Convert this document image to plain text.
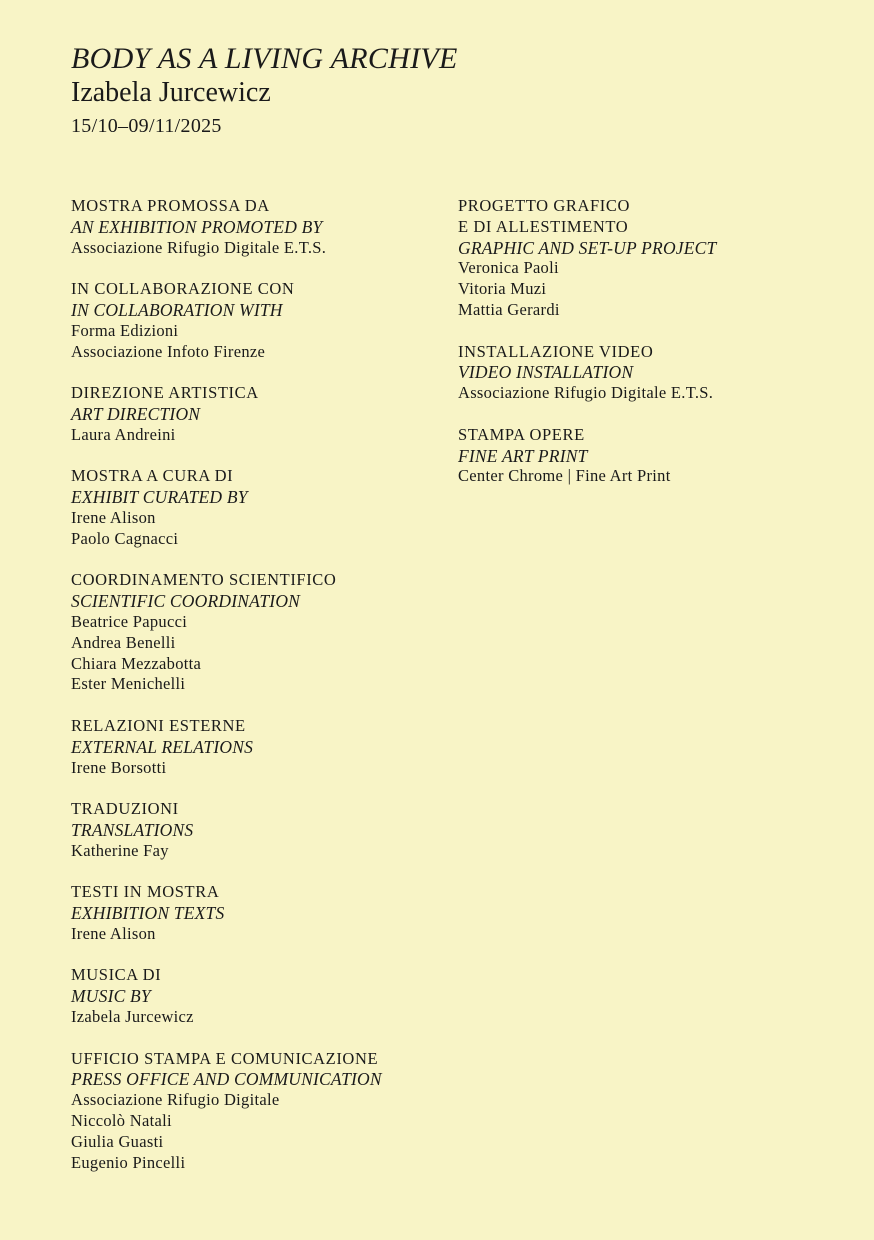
BODY AS A LIVING ARCHIVE
Izabela Jurcewicz

15/10–09/11/2025

MOSTRA PROMOSSA DA
AN EXHIBITION PROMOTED BY
Associazione Rifugio Digitale E.T.S.
IN COLLABORAZIONE CON
IN COLLABORATION WITH
Forma Edizioni
Associazione Infoto Firenze
DIREZIONE ARTISTICA
ART DIRECTION
Laura Andreini
MOSTRA A CURA DI
EXHIBIT CURATED BY
Irene Alison
Paolo Cagnacci
COORDINAMENTO SCIENTIFICO
SCIENTIFIC COORDINATION
Beatrice Papucci
Andrea Benelli
Chiara Mezzabotta
Ester Menichelli
RELAZIONI ESTERNE
EXTERNAL RELATIONS
Irene Borsotti
TRADUZIONI
TRANSLATIONS
Katherine Fay
TESTI IN MOSTRA
EXHIBITION TEXTS
Irene Alison
MUSICA DI
MUSIC BY
Izabela Jurcewicz
UFFICIO STAMPA E COMUNICAZIONE
PRESS OFFICE AND COMMUNICATION
Associazione Rifugio Digitale
Niccolò Natali
Giulia Guasti
Eugenio Pincelli
PROGETTO GRAFICO
E DI ALLESTIMENTO
GRAPHIC AND SET-UP PROJECT
Veronica Paoli
Vitoria Muzi
Mattia Gerardi
INSTALLAZIONE VIDEO
VIDEO INSTALLATION
Associazione Rifugio Digitale E.T.S.
STAMPA OPERE
FINE ART PRINT
Center Chrome | Fine Art Print
